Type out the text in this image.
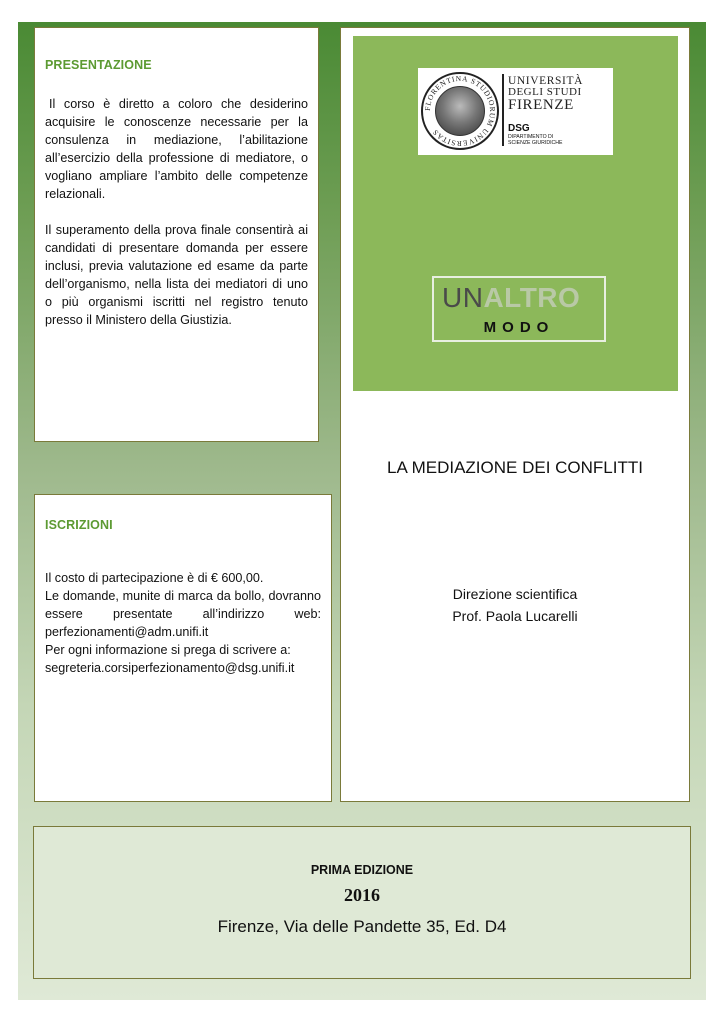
PRESENTAZIONE

Il corso è diretto a coloro che desiderino acquisire le conoscenze necessarie per la consulenza in mediazione, l’abilitazione all’esercizio della professione di mediatore, o vogliano ampliare l’ambito delle competenze relazionali.

Il superamento della prova finale consentirà ai candidati di presentare domanda per essere inclusi, previa valutazione ed esame da parte dell’organismo, nella lista dei mediatori di uno o più organismi iscritti nel registro tenuto presso il Ministero della Giustizia.

ISCRIZIONI

Il costo di partecipazione è di € 600,00.

Le domande, munite di marca da bollo, dovranno essere presentate all’indirizzo web: perfezionamenti@adm.unifi.it

Per ogni informazione si prega di scrivere a: segreteria.corsiperfezionamento@dsg.unifi.it

FLORENTINA STUDIORUM UNIVERSITAS
UNIVERSITÀ
DEGLI STUDI
FIRENZE
DSG
DIPARTIMENTO DI
SCIENZE GIURIDICHE
UNALTRO
MODO
LA MEDIAZIONE DEI CONFLITTI
Direzione scientifica
Prof. Paola Lucarelli
PRIMA EDIZIONE
2016
Firenze, Via delle Pandette 35, Ed. D4
